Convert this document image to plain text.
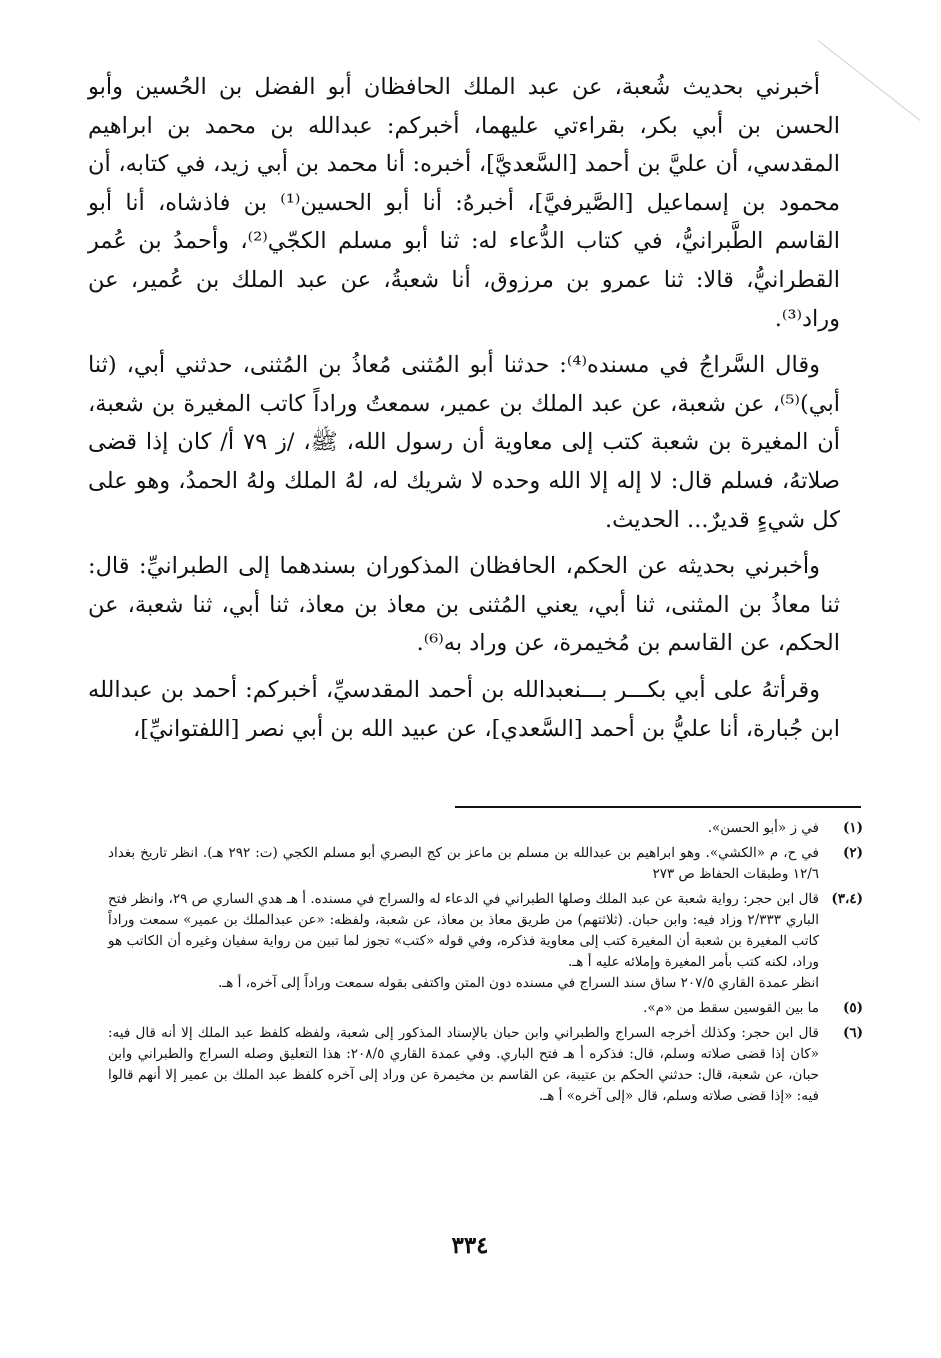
أخبرني بحديث شُعبة، عن عبد الملك الحافظان أبو الفضل بن الحُسين وأبو الحسن بن أبي بكر، بقراءتي عليهما، أخبركم: عبدالله بن محمد بن ابراهيم المقدسي، أن عليَّ بن أحمد [السَّعديَّ]، أخبره: أنا محمد بن أبي زيد، في كتابه، أن محمود بن إسماعيل [الصَّيرفيَّ]، أخبرهُ: أنا أبو الحسين⁽¹⁾ بن فاذشاه، أنا أبو القاسم الطَّبرانيُّ، في كتاب الدُّعاء له: ثنا أبو مسلم الكجّي⁽²⁾، وأحمدُ بن عُمر القطرانيُّ، قالا: ثنا عمرو بن مرزوق، أنا شعبةُ، عن عبد الملك بن عُمير، عن وراد⁽³⁾.

وقال السَّراجُ في مسنده⁽⁴⁾: حدثنا أبو المُثنى مُعاذُ بن المُثنى، حدثني أبي، (ثنا أبي)⁽⁵⁾، عن شعبة، عن عبد الملك بن عمير، سمعتُ وراداً كاتب المغيرة بن شعبة، أن المغيرة بن شعبة كتب إلى معاوية أن رسول الله، ﷺ، /ز ٧٩ أ/ كان إذا قضى صلاتهُ، فسلم قال: لا إله إلا الله وحده لا شريك له، لهُ الملك ولهُ الحمدُ، وهو على كل شيءٍ قديرٌ... الحديث.

وأخبرني بحديثه عن الحكم، الحافظان المذكوران بسندهما إلى الطبرانيِّ: قال: ثنا معاذُ بن المثنى، ثنا أبي، يعني المُثنى بن معاذ بن معاذ، ثنا أبي، ثنا شعبة، عن الحكم، عن القاسم بن مُخيمرة، عن وراد به⁽⁶⁾.

وقرأتهُ على أبي بكـــر بـــنعبدالله بن أحمد المقدسيِّ، أخبركم: أحمد بن عبدالله ابن جُبارة، أنا عليُّ بن أحمد [السَّعدي]، عن عبيد الله بن أبي نصر [اللفتوانيِّ]،

(١)

في ز «أبو الحسن».

(٢)

في ح، م «الكشي». وهو ابراهيم بن عبدالله بن مسلم بن ماعز بن كج البصري أبو مسلم الكجي (ت: ٢٩٢ هـ). انظر تاريخ بغداد ١٢/٦ وطبقات الحفاظ ص ٢٧٣

(٣،٤)

قال ابن حجر: رواية شعبة عن عبد الملك وصلها الطبراني في الدعاء له والسراج في مسنده. أ هـ هدي الساري ص ٢٩، وانظر فتح الباري ٢/٣٣٣ وزاد فيه: وابن حبان. (ثلاثتهم) من طريق معاذ بن معاذ، عن شعبة، ولفظه: «عن عبدالملك بن عمير» سمعت وراداً كاتب المغيرة بن شعبة أن المغيرة كتب إلى معاوية فذكره، وفي قوله «كتب» تجوز لما تبين من رواية سفيان وغيره أن الكاتب هو وراد، لكنه كتب بأمر المغيرة وإملائه عليه أ هـ.

انظر عمدة القاري ٢٠٧/٥ ساق سند السراج في مسنده دون المتن واكتفى بقوله سمعت وراداً إلى آخره، أ هـ.

(٥)

ما بين القوسين سقط من «م».

(٦)

قال ابن حجر: وكذلك أخرجه السراج والطبراني وابن حبان بالإسناد المذكور إلى شعبة، ولفظه كلفظ عبد الملك إلا أنه قال فيه: «كان إذا قضى صلاته وسلم، قال: فذكره أ هـ فتح الباري. وفي عمدة القاري ٢٠٨/٥: هذا التعليق وصله السراج والطبراني وابن حبان، عن شعبة، قال: حدثني الحكم بن عتيبة، عن القاسم بن مخيمرة عن وراد إلى آخره كلفظ عبد الملك بن عمير إلا أنهم قالوا فيه: «إذا قضى صلاته وسلم، قال «إلى آخره» أ هـ.

٣٣٤
